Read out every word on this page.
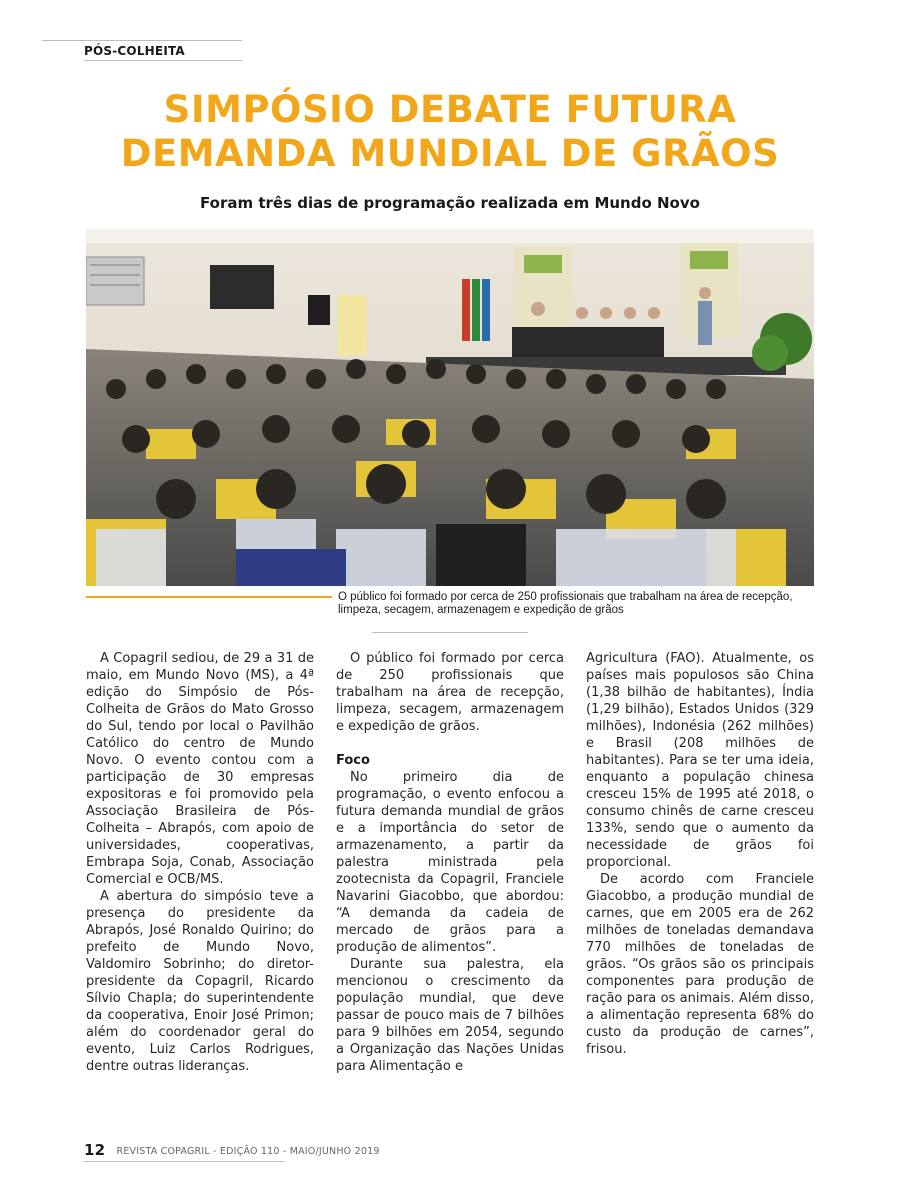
PÓS-COLHEITA
SIMPÓSIO DEBATE FUTURA
DEMANDA MUNDIAL DE GRÃOS
Foram três dias de programação realizada em Mundo Novo
O público foi formado por cerca de 250 profissionais que trabalham na área de recepção, limpeza, secagem, armazenagem e expedição de grãos

A Copagril sediou, de 29 a 31 de maio, em Mundo Novo (MS), a 4ª edição do Simpósio de Pós-Colheita de Grãos do Mato Grosso do Sul, tendo por local o Pavilhão Católico do centro de Mundo Novo. O evento contou com a participação de 30 empresas expositoras e foi promovido pela Associação Brasileira de Pós-Colheita – Abrapós, com apoio de universidades, cooperativas, Embrapa Soja, Conab, Associação Comercial e OCB/MS.

A abertura do simpósio teve a presença do presidente da Abrapós, José Ronaldo Quirino; do prefeito de Mundo Novo, Valdomiro Sobrinho; do diretor-presidente da Copagril, Ricardo Sílvio Chapla; do superintendente da cooperativa, Enoir José Primon; além do coordenador geral do evento, Luiz Carlos Rodrigues, dentre outras lideranças.

O público foi formado por cerca de 250 profissionais que trabalham na área de recepção, limpeza, secagem, armazenagem e expedição de grãos.

Foco

No primeiro dia de programação, o evento enfocou a futura demanda mundial de grãos e a importância do setor de armazenamento, a partir da palestra ministrada pela zootecnista da Copagril, Franciele Navarini Giacobbo, que abordou: “A demanda da cadeia de mercado de grãos para a produção de alimentos”.

Durante sua palestra, ela mencionou o crescimento da população mundial, que deve passar de pouco mais de 7 bilhões para 9 bilhões em 2054, segundo a Organização das Nações Unidas para Alimentação e

Agricultura (FAO). Atualmente, os países mais populosos são China (1,38 bilhão de habitantes), Índia (1,29 bilhão), Estados Unidos (329 milhões), Indonésia (262 milhões) e Brasil (208 milhões de habitantes). Para se ter uma ideia, enquanto a população chinesa cresceu 15% de 1995 até 2018, o consumo chinês de carne cresceu 133%, sendo que o aumento da necessidade de grãos foi proporcional.

De acordo com Franciele Giacobbo, a produção mundial de carnes, que em 2005 era de 262 milhões de toneladas demandava 770 milhões de toneladas de grãos. “Os grãos são os principais componentes para produção de ração para os animais. Além disso, a alimentação representa 68% do custo da produção de carnes”, frisou.

12 REVISTA COPAGRIL - EDIÇÃO 110 - MAIO/JUNHO 2019
